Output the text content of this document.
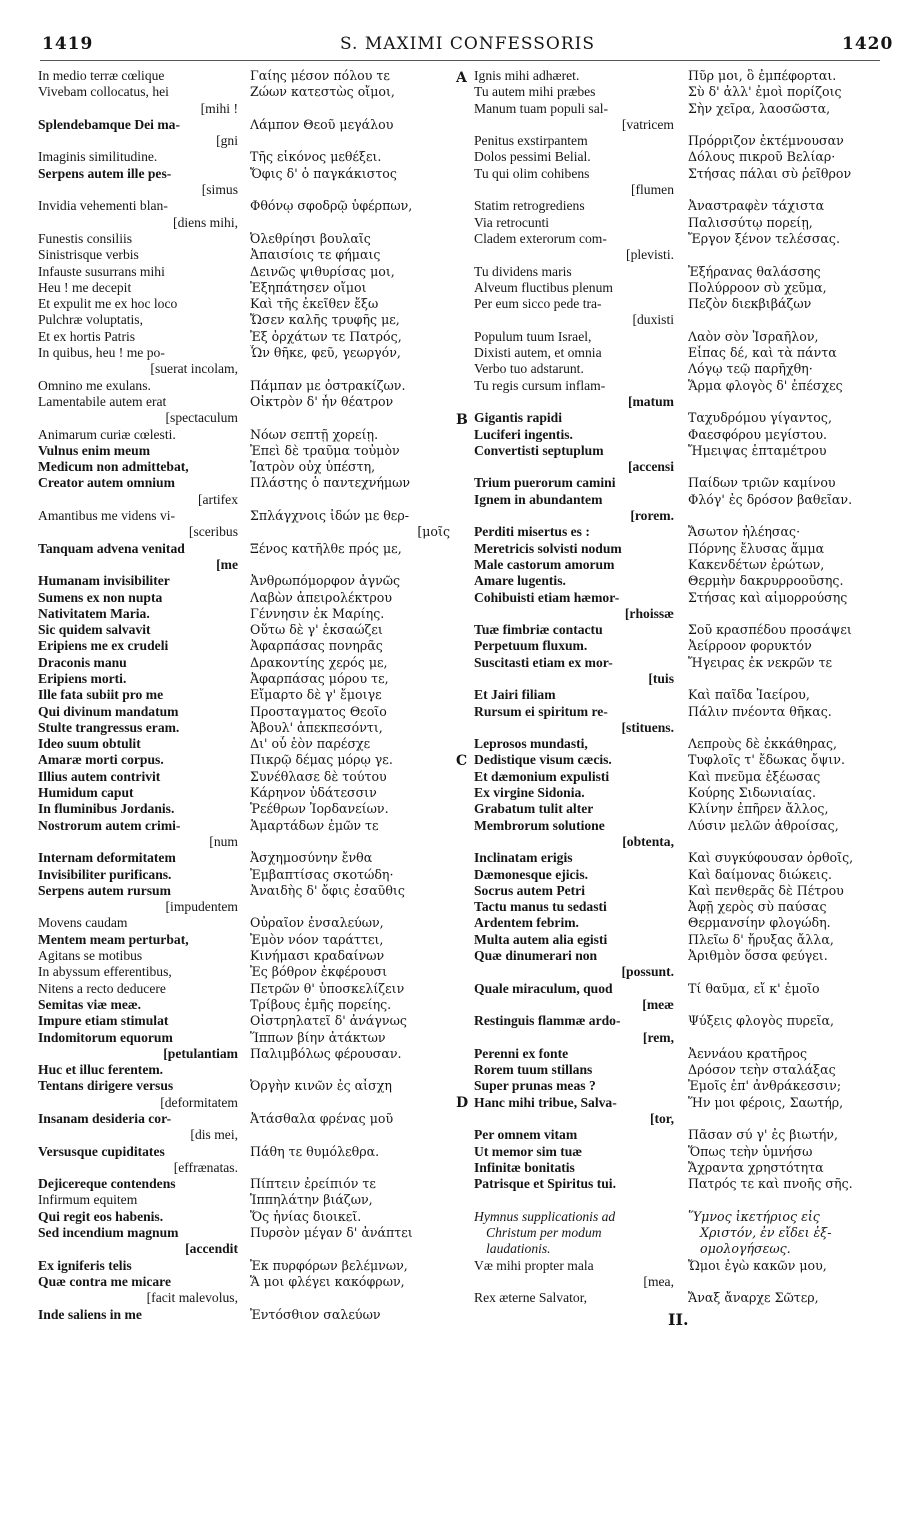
1419	S. MAXIMI CONFESSORIS	1420
In medio terræ cœlique
Vivebam collocatus, hei
[mihi !
Splendebamque Dei ma-
[gni
Imaginis similitudine.
Serpens autem ille pes-
[simus
Invidia vehementi blan-
[diens mihi,
Funestis consiliis
Sinistrisque verbis
Infauste susurrans mihi
Heu ! me decepit
Et expulit me ex hoc loco
Pulchræ voluptatis,
Et ex hortis Patris
In quibus, heu ! me po-
[suerat incolam,
Omnino me exulans.
Lamentabile autem erat
[spectaculum
Animarum curiæ cœlesti.
Vulnus enim meum
Medicum non admittebat,
Creator autem omnium
[artifex
Amantibus me videns vi-
[sceribus
Tanquam advena venitad
[me
Humanam invisibiliter
Sumens ex non nupta
Nativitatem Maria.
Sic quidem salvavit
Eripiens me ex crudeli
Draconis manu
Eripiens morti.
Ille fata subiit pro me
Qui divinum mandatum
Stulte trangressus eram.
Ideo suum obtulit
Amaræ morti corpus.
Illius autem contrivit
Humidum caput
In fluminibus Jordanis.
Nostrorum autem crimi-
[num
Internam deformitatem
Invisibiliter purificans.
Serpens autem rursum
[impudentem
Movens caudam
Mentem meam perturbat,
Agitans se motibus
In abyssum efferentibus,
Nitens a recto deducere
Semitas viæ meæ.
Impure etiam stimulat
Indomitorum equorum
[petulantiam
Huc et illuc ferentem.
Tentans dirigere versus
[deformitatem
Insanam desideria cor-
[dis mei,
Versusque cupiditates
[effrænatas.
Dejicereque contendens
Infirmum equitem
Qui regit eos habenis.
Sed incendium magnum
[accendit
Ex igniferis telis
Quæ contra me micare
[facit malevolus,
Inde saliens in me
Γαίης μέσον πόλου τε
Ζώων κατεστὼς οἴμοι,
Λάμπον Θεοῦ μεγάλου
Τῆς εἰκόνος μεθέξει.
Ὄφις δ' ὁ παγκάκιστος
Φθόνῳ σφοδρῷ ὑφέρπων,
Ὀλεθρίησι βουλαῖς
Ἀπαισίοις τε φήμαις
Δεινῶς ψιθυρίσας μοι,
Ἐξηπάτησεν οἴμοι
Καὶ τῆς ἐκεῖθεν ἔξω
Ὤσεν καλῆς τρυφῆς με,
Ἐξ ὀρχάτων τε Πατρός,
Ὧν θῆκε, φεῦ, γεωργόν,
Πάμπαν με ὀστρακίζων.
Οἰκτρὸν δ' ἦν θέατρον
Νόων σεπτῇ χορείῃ.
Ἐπεὶ δὲ τραῦμα τοὐμὸν
Ἰατρὸν οὐχ ὑπέστη,
Πλάστης ὁ παντεχνήμων
Σπλάγχνοις ἰδών με θερ-
[μοῖς
Ξένος κατῆλθε πρός με,
Ἀνθρωπόμορφον ἀγνῶς
Λαβὼν ἀπειρολέκτρου
Γέννησιν ἐκ Μαρίης.
Οὕτω δὲ γ' ἐκσαώζει
Ἀφαρπάσας πονηρᾶς
Δρακοντίης χερός με,
Ἀφαρπάσας μόρου τε,
Εἴμαρτο δὲ γ' ἔμοιγε
Προσταγματος Θεοῖο
Ἀβουλ' ἀπεκπεσόντι,
Δι' οὗ ἑὸν παρέσχε
Πικρῷ δέμας μόρῳ γε.
Συνέθλασε δὲ τούτου
Κάρηνον ὑδάτεσσιν
Ῥεέθρων Ἰορδανείων.
Ἁμαρτάδων ἐμῶν τε
Ἀσχημοσύνην ἔνθα
Ἐμβαπτίσας σκοτώδη·
Ἀναιδὴς δ' ὄφις ἐσαῦθις
Οὐραῖον ἐνσαλεύων,
Ἐμὸν νόον ταράττει,
Κινήμασι κραδαίνων
Ἐς βόθρον ἐκφέρουσι
Πετρῶν θ' ὑποσκελίζειν
Τρίβους ἐμῆς πορείης.
Οἰστρηλατεῖ δ' ἀνάγνως
Ἵππων βίην ἀτάκτων
Παλιμβόλως φέρουσαν.
Ὀργὴν κινῶν ἐς αἶσχη
Ἀτάσθαλα φρένας μοῦ
Πάθη τε θυμόλεθρα.
Πίπτειν ἐρείπιόν τε
Ἱππηλάτην βιάζων,
Ὅς ἡνίας διοικεῖ.
Πυρσὸν μέγαν δ' ἀνάπτει
Ἐκ πυρφόρων βελέμνων,
Ἅ μοι φλέγει κακόφρων,
Ἐντόσθιον σαλεύων
Ignis mihi adhæret.
Tu autem mihi præbes
Manum tuam populi sal-
[vatricem
Penitus exstirpantem
Dolos pessimi Belial.
Tu qui olim cohibens
[flumen
Statim retrogrediens
Via retrocunti
Cladem exterorum com-
[plevisti.
Tu dividens maris
Alveum fluctibus plenum
Per eum sicco pede tra-
[duxisti
Populum tuum Israel,
Dixisti autem, et omnia
Verbo tuo adstarunt.
Tu regis cursum inflam-
[matum
Gigantis rapidi
Luciferi ingentis.
Convertisti septuplum
[accensi
Trium puerorum camini
Ignem in abundantem
[rorem.
Perditi misertus es :
Meretricis solvisti nodum
Male castorum amorum
Amare lugentis.
Cohibuisti etiam hæmor-
[rhoissæ
Tuæ fimbriæ contactu
Perpetuum fluxum.
Suscitasti etiam ex mor-
[tuis
Et Jairi filiam
Rursum ei spiritum re-
[stituens.
Leprosos mundasti,
Dedistique visum cæcis.
Et dæmonium expulisti
Ex virgine Sidonia.
Grabatum tulit alter
Membrorum solutione
[obtenta,
Inclinatam erigis
Dæmonesque ejicis.
Socrus autem Petri
Tactu manus tu sedasti
Ardentem febrim.
Multa autem alia egisti
Quæ dinumerari non
[possunt.
Quale miraculum, quod
[meæ
Restinguis flammæ ardo-
[rem,
Perenni ex fonte
Rorem tuum stillans
Super prunas meas ?
Hanc mihi tribue, Salva-
[tor,
Per omnem vitam
Ut memor sim tuæ
Infinitæ bonitatis
Patrisque et Spiritus tui.
Hymnus supplicationis ad
Christum per modum
laudationis.
Væ mihi propter mala
[mea,
Rex æterne Salvator,
Πῦρ μοι, ὃ ἐμπέφορται.
Σὺ δ' ἀλλ' ἐμοὶ πορίζοις
Σὴν χεῖρα, λαοσῶστα,
Πρόρριζον ἐκτέμνουσαν
Δόλους πικροῦ Βελίαρ·
Στήσας πάλαι σὺ ῥεῖθρον
Ἀναστραφὲν τάχιστα
Παλισσύτῳ πορείῃ,
Ἔργον ξένον τελέσσας.
Ἐξήρανας θαλάσσης
Πολύρροον σὺ χεῦμα,
Πεζὸν διεκβιβάζων
Λαὸν σὸν Ἰσραῆλον,
Εἶπας δέ, καὶ τὰ πάντα
Λόγῳ τεῷ παρῆχθη·
Ἅρμα φλογὸς δ' ἐπέσχες
Ταχυδρόμου γίγαντος,
Φαεσφόρου μεγίστου.
Ἤμειψας ἑπταμέτρου
Παίδων τριῶν καμίνου
Φλόγ' ἐς δρόσον βαθεῖαν.
Ἄσωτον ἠλέησας·
Πόρνης ἔλυσας ἅμμα
Κακενδέτων ἐρώτων,
Θερμὴν δακρυρροοῦσης.
Στήσας καὶ αἱμορρούσης
Σοῦ κρασπέδου προσάψει
Ἀείρροον φορυκτόν
Ἤγειρας ἐκ νεκρῶν τε
Καὶ παῖδα Ἰαείρου,
Πάλιν πνέοντα θῆκας.
Λεπροὺς δὲ ἐκκάθηρας,
Τυφλοῖς τ' ἔδωκας ὄψιν.
Καὶ πνεῦμα ἐξέωσας
Κούρης Σιδωνιαίας.
Κλίνην ἐπῆρεν ἄλλος,
Λύσιν μελῶν ἀθροίσας,
Καὶ συγκύφουσαν ὀρθοῖς,
Καὶ δαίμονας διώκεις.
Καὶ πενθερᾶς δὲ Πέτρου
Ἀφῇ χερὸς σὺ παύσας
Θερμανσίην φλογώδη.
Πλεῖω δ' ἤρυξας ἄλλα,
Ἀριθμὸν ὅσσα φεύγει.
Τί θαῦμα, εἴ κ' ἐμοῖο
Ψύξεις φλογὸς πυρεῖα,
Ἀεννάου κρατῆρος
Δρόσον τεὴν σταλάξας
Ἐμοῖς ἐπ' ἀνθράκεσσιν;
Ἥν μοι φέροις, Σαωτήρ,
Πᾶσαν σύ γ' ἐς βιωτήν,
Ὅπως τεὴν ὑμνήσω
Ἄχραντα χρηστότητα
Πατρός τε καὶ πνοῆς σῆς.
Ὕμνος ἱκετήριος εἰς
Χριστόν, ἐν εἴδει ἐξ-
ομολογήσεως.
Ὤμοι ἐγὼ κακῶν μου,
Ἄναξ ἄναρχε Σῶτερ,
A
B
C
D
II.
